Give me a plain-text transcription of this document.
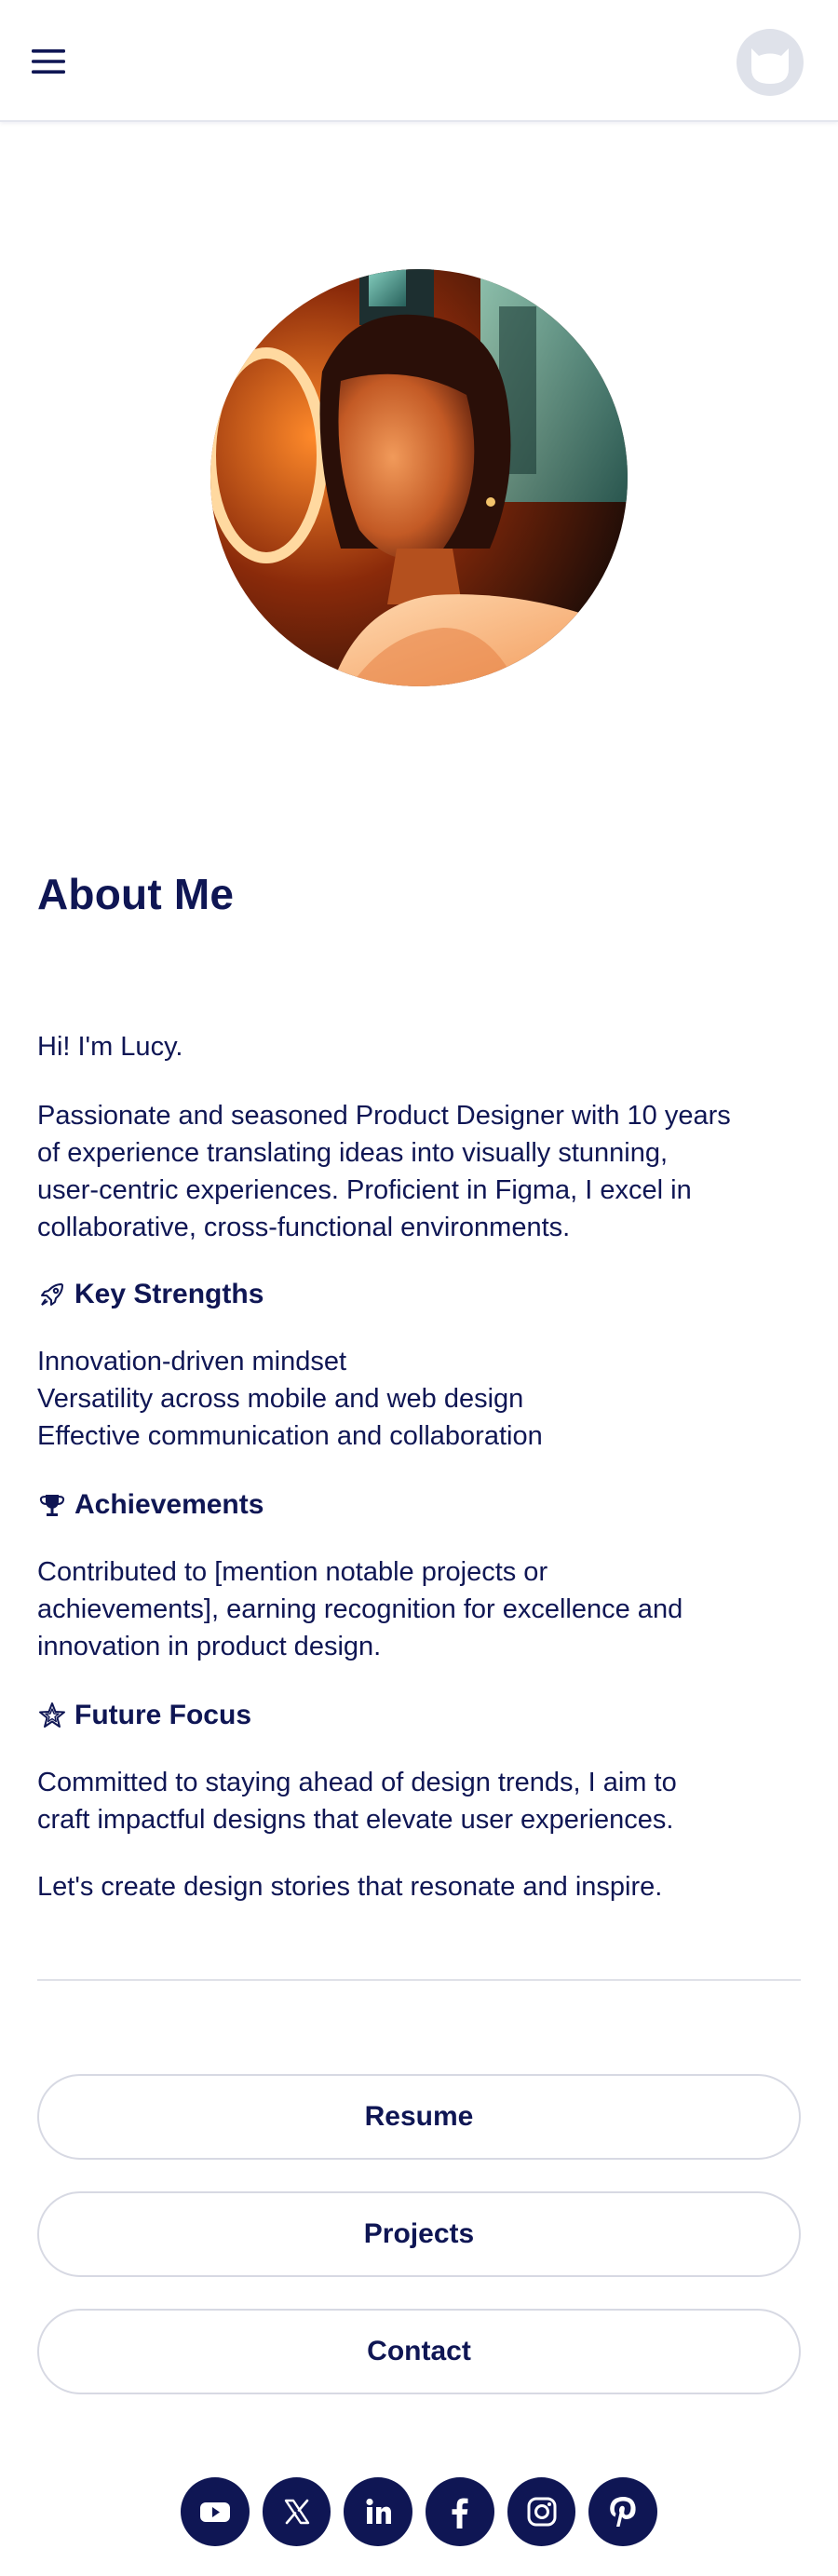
About Me

Hi! I'm Lucy.

Passionate and seasoned Product Designer with 10 years
of experience translating ideas into visually stunning,
user-centric experiences. Proficient in Figma, I excel in
collaborative, cross-functional environments.
Key Strengths
Innovation-driven mindset
Versatility across mobile and web design
Effective communication and collaboration
Achievements
Contributed to [mention notable projects or
achievements], earning recognition for excellence and
innovation in product design.
Future Focus
Committed to staying ahead of design trends, I aim to
craft impactful designs that elevate user experiences.

Let's create design stories that resonate and inspire.

Resume
Projects
Contact
